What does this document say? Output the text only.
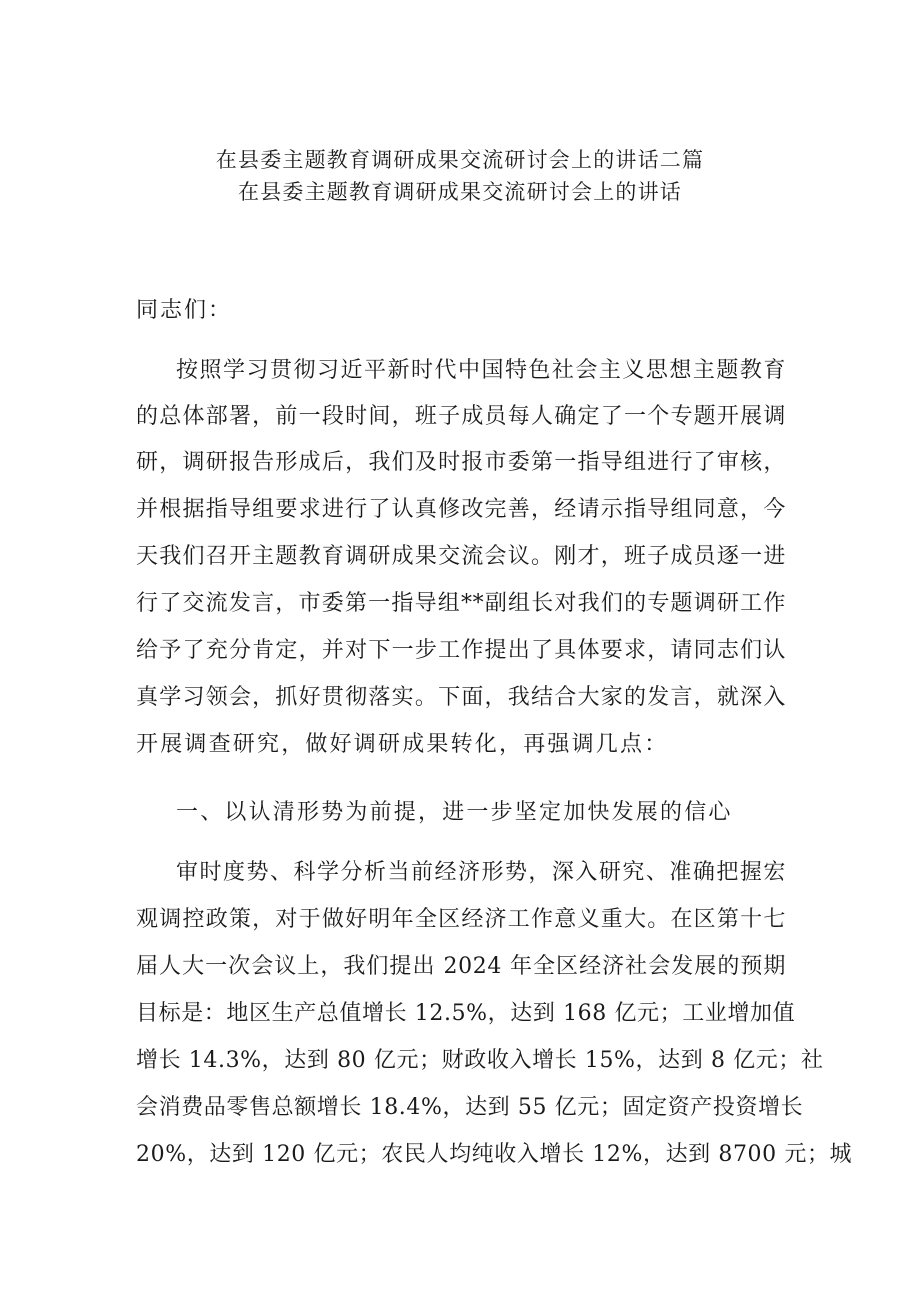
在县委主题教育调研成果交流研讨会上的讲话二篇
在县委主题教育调研成果交流研讨会上的讲话
同志们：
按照学习贯彻习近平新时代中国特色社会主义思想主题教育
的总体部署，前一段时间，班子成员每人确定了一个专题开展调
研，调研报告形成后，我们及时报市委第一指导组进行了审核，
并根据指导组要求进行了认真修改完善，经请示指导组同意，今
天我们召开主题教育调研成果交流会议。刚才，班子成员逐一进
行了交流发言，市委第一指导组**副组长对我们的专题调研工作
给予了充分肯定，并对下一步工作提出了具体要求，请同志们认
真学习领会，抓好贯彻落实。下面，我结合大家的发言，就深入
开展调查研究，做好调研成果转化，再强调几点：
一、以认清形势为前提，进一步坚定加快发展的信心
审时度势、科学分析当前经济形势，深入研究、准确把握宏
观调控政策，对于做好明年全区经济工作意义重大。在区第十七
届人大一次会议上，我们提出 2024 年全区经济社会发展的预期
目标是：地区生产总值增长 12.5%，达到 168 亿元；工业增加值
增长 14.3%，达到 80 亿元；财政收入增长 15%，达到 8 亿元；社
会消费品零售总额增长 18.4%，达到 55 亿元；固定资产投资增长
20%，达到 120 亿元；农民人均纯收入增长 12%，达到 8700 元；城
